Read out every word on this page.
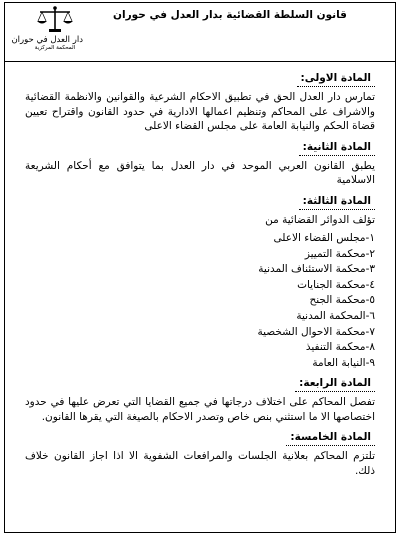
دار العدل في حوران
المحكمة المركزية
قانون السلطة القضائية بدار العدل في حوران
المادة الاولى:

تمارس دار العدل الحق في تطبيق الاحكام الشرعية والقوانين والانظمة القضائية والاشراف على المحاكم وتنظيم اعمالها الادارية في حدود القانون واقتراح تعيين قضاة الحكم والنيابة العامة على مجلس القضاء الاعلى

المادة الثانية:

يطبق القانون العربي الموحد في دار العدل بما يتوافق مع أحكام الشريعة الاسلامية

المادة الثالثة:

تؤلف الدوائر القضائية من

١-مجلس القضاء الاعلى
٢-محكمة التمييز
٣-محكمة الاستئناف المدنية
٤-محكمة الجنايات
٥-محكمة الجنح
٦-المحكمة المدنية
٧-محكمة الاحوال الشخصية
٨-محكمة التنفيذ
٩-النيابة العامة
المادة الرابعة:

تفصل المحاكم على اختلاف درجاتها في جميع القضايا التي تعرض عليها في حدود اختصاصها الا ما استثني بنص خاص وتصدر الاحكام بالصيغة التي يقرها القانون.

المادة الخامسة:

تلتزم المحاكم بعلانية الجلسات والمرافعات الشفوية الا اذا اجاز القانون خلاف ذلك.
